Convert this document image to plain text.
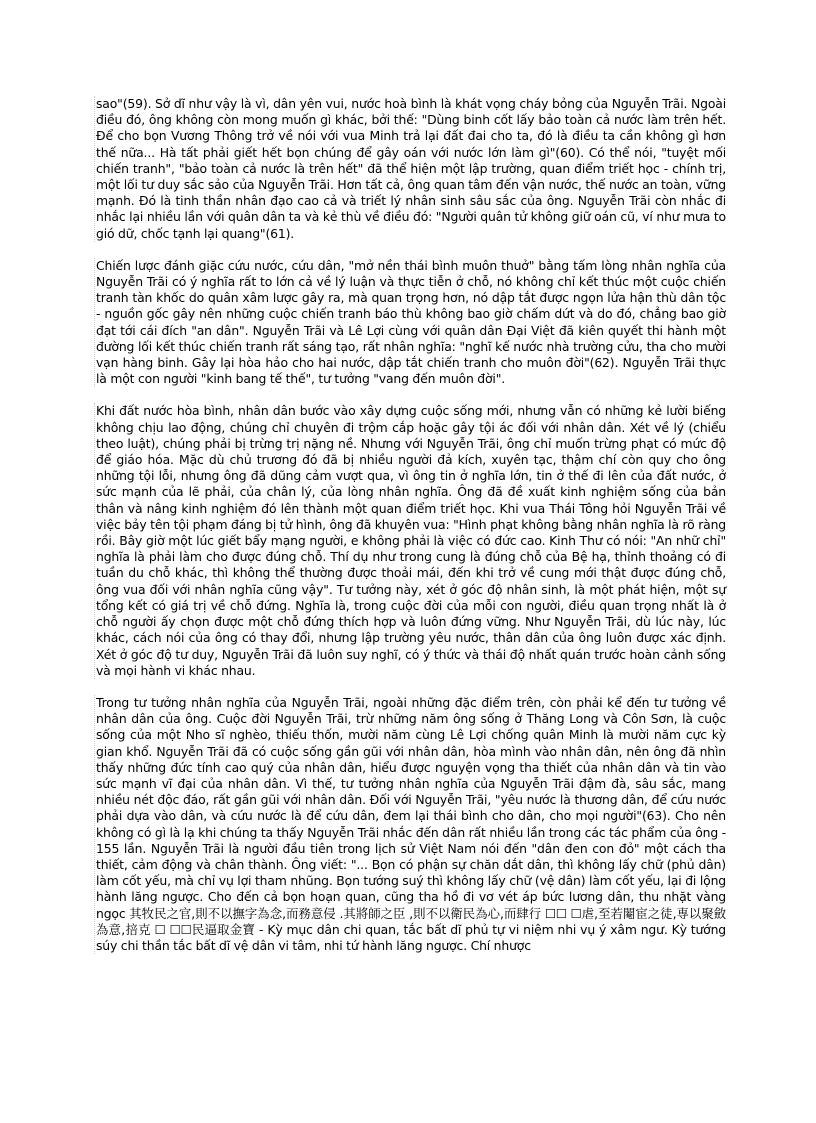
sao"(59). Sở dĩ như vậy là vì, dân yên vui, nước hoà bình là khát vọng cháy bỏng của Nguyễn Trãi. Ngoài điều đó, ông không còn mong muốn gì khác, bởi thế: "Dùng binh cốt lấy bảo toàn cả nước làm trên hết. Để cho bọn Vương Thông trở về nói với vua Minh trả lại đất đai cho ta, đó là điều ta cần không gì hơn thế nữa... Hà tất phải giết hết bọn chúng để gây oán với nước lớn làm gì"(60). Có thể nói, "tuyệt mối chiến tranh", "bảo toàn cả nước là trên hết" đã thể hiện một lập trường, quan điểm triết học - chính trị, một lối tư duy sắc sảo của Nguyễn Trãi. Hơn tất cả, ông quan tâm đến vận nước, thế nước an toàn, vững mạnh. Đó là tinh thần nhân đạo cao cả và triết lý nhân sinh sâu sắc của ông. Nguyễn Trãi còn nhắc đi nhắc lại nhiều lần với quân dân ta và kẻ thù về điều đó: "Người quân tử không giữ oán cũ, ví như mưa to gió dữ, chốc tạnh lại quang"(61).

Chiến lược đánh giặc cứu nước, cứu dân, "mở nền thái bình muôn thuở" bằng tấm lòng nhân nghĩa của Nguyễn Trãi có ý nghĩa rất to lớn cả về lý luận và thực tiễn ở chỗ, nó không chỉ kết thúc một cuộc chiến tranh tàn khốc do quân xâm lược gây ra, mà quan trọng hơn, nó dập tắt được ngọn lửa hận thù dân tộc - nguồn gốc gây nên những cuộc chiến tranh báo thù không bao giờ chấm dứt và do đó, chẳng bao giờ đạt tới cái đích "an dân". Nguyễn Trãi và Lê Lợi cùng với quân dân Đại Việt đã kiên quyết thi hành một đường lối kết thúc chiến tranh rất sáng tạo, rất nhân nghĩa: "nghĩ kế nước nhà trường cửu, tha cho mười vạn hàng binh. Gây lại hòa hảo cho hai nước, dập tắt chiến tranh cho muôn đời"(62). Nguyễn Trãi thực là một con người "kinh bang tế thế", tư tưởng "vang đến muôn đời".

Khi đất nước hòa bình, nhân dân bước vào xây dựng cuộc sống mới, nhưng vẫn có những kẻ lười biếng không chịu lao động, chúng chỉ chuyên đi trộm cắp hoặc gây tội ác đối với nhân dân. Xét về lý (chiểu theo luật), chúng phải bị trừng trị nặng nề. Nhưng với Nguyễn Trãi, ông chỉ muốn trừng phạt có mức độ để giáo hóa. Mặc dù chủ trương đó đã bị nhiều người đả kích, xuyên tạc, thậm chí còn quy cho ông những tội lỗi, nhưng ông đã dũng cảm vượt qua, vì ông tin ở nghĩa lớn, tin ở thế đi lên của đất nước, ở sức mạnh của lẽ phải, của chân lý, của lòng nhân nghĩa. Ông đã đề xuất kinh nghiệm sống của bản thân và nâng kinh nghiệm đó lên thành một quan điểm triết học. Khi vua Thái Tông hỏi Nguyễn Trãi về việc bảy tên tội phạm đáng bị tử hình, ông đã khuyên vua: "Hình phạt không bằng nhân nghĩa là rõ ràng rồi. Bây giờ một lúc giết bẩy mạng người, e không phải là việc có đức cao. Kinh Thư có nói: "An nhữ chỉ" nghĩa là phải làm cho được đúng chỗ. Thí dụ như trong cung là đúng chỗ của Bệ hạ, thỉnh thoảng có đi tuần du chỗ khác, thì không thể thường được thoải mái, đến khi trở về cung mới thật được đúng chỗ, ông vua đối với nhân nghĩa cũng vậy". Tư tưởng này, xét ở góc độ nhân sinh, là một phát hiện, một sự tổng kết có giá trị về chỗ đứng. Nghĩa là, trong cuộc đời của mỗi con người, điều quan trọng nhất là ở chỗ người ấy chọn được một chỗ đứng thích hợp và luôn đứng vững. Như Nguyễn Trãi, dù lúc này, lúc khác, cách nói của ông có thay đổi, nhưng lập trường yêu nước, thân dân của ông luôn được xác định. Xét ở góc độ tư duy, Nguyễn Trãi đã luôn suy nghĩ, có ý thức và thái độ nhất quán trước hoàn cảnh sống và mọi hành vi khác nhau.

Trong tư tưởng nhân nghĩa của Nguyễn Trãi, ngoài những đặc điểm trên, còn phải kể đến tư tưởng về nhân dân của ông. Cuộc đời Nguyễn Trãi, trừ những năm ông sống ở Thăng Long và Côn Sơn, là cuộc sống của một Nho sĩ nghèo, thiếu thốn, mười năm cùng Lê Lợi chống quân Minh là mười năm cực kỳ gian khổ. Nguyễn Trãi đã có cuộc sống gần gũi với nhân dân, hòa mình vào nhân dân, nên ông đã nhìn thấy những đức tính cao quý của nhân dân, hiểu được nguyện vọng tha thiết của nhân dân và tin vào sức mạnh vĩ đại của nhân dân. Vì thế, tư tưởng nhân nghĩa của Nguyễn Trãi đậm đà, sâu sắc, mang nhiều nét độc đáo, rất gần gũi với nhân dân. Đối với Nguyễn Trãi, "yêu nước là thương dân, để cứu nước phải dựa vào dân, và cứu nước là để cứu dân, đem lại thái bình cho dân, cho mọi người"(63). Cho nên không có gì là lạ khi chúng ta thấy Nguyễn Trãi nhắc đến dân rất nhiều lần trong các tác phẩm của ông - 155 lần. Nguyễn Trãi là người đầu tiên trong lịch sử Việt Nam nói đến "dân đen con đỏ" một cách tha thiết, cảm động và chân thành. Ông viết: "... Bọn có phận sự chăn dắt dân, thì không lấy chữ (phủ dân) làm cốt yếu, mà chỉ vụ lợi tham nhũng. Bọn tướng suý thì không lấy chữ (vệ dân) làm cốt yếu, lại đi lộng hành lăng ngược. Cho đến cả bọn hoạn quan, cũng tha hồ đi vơ vét áp bức lương dân, thu nhặt vàng ngọc 其牧民之官,則不以撫字為念,而務意侵 .其將師之臣 ,則不以衛民為心,而肆行 ☐☐ ☐虐,至若閹宦之徒,専以聚斂為意,掊克 ☐ ☐☐民逼取金寶 - Kỳ mục dân chi quan, tắc bất dĩ phủ tự vi niệm nhi vụ ý xâm ngư. Kỳ tướng súy chi thần tắc bất dĩ vệ dân vi tâm, nhi tứ hành lăng ngược. Chí nhược
